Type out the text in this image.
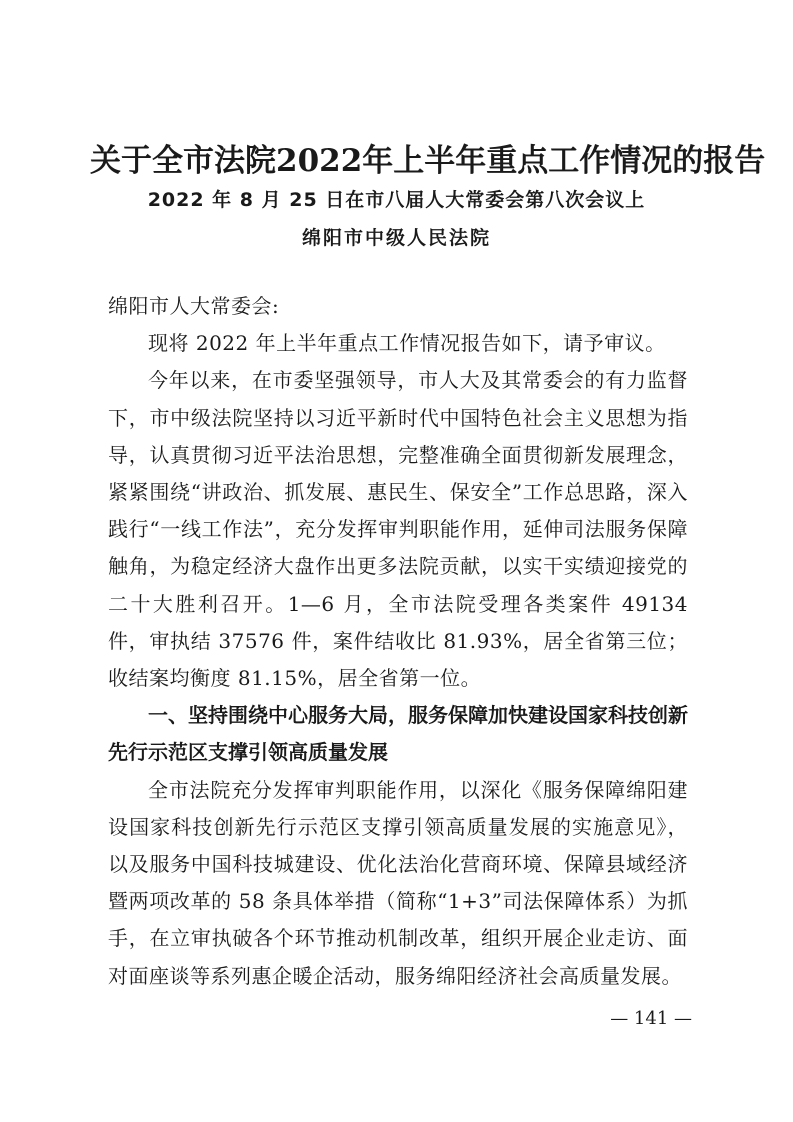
关于全市法院2022年上半年重点工作情况的报告
2022 年 8 月 25 日在市八届人大常委会第八次会议上
绵阳市中级人民法院

绵阳市人大常委会:

现将 2022 年上半年重点工作情况报告如下，请予审议。

今年以来，在市委坚强领导，市人大及其常委会的有力监督下，市中级法院坚持以习近平新时代中国特色社会主义思想为指导，认真贯彻习近平法治思想，完整准确全面贯彻新发展理念，紧紧围绕“讲政治、抓发展、惠民生、保安全”工作总思路，深入践行“一线工作法”，充分发挥审判职能作用，延伸司法服务保障触角，为稳定经济大盘作出更多法院贡献，以实干实绩迎接党的二十大胜利召开。1—6 月，全市法院受理各类案件 49134 件，审执结 37576 件，案件结收比 81.93%，居全省第三位；收结案均衡度 81.15%，居全省第一位。

一、坚持围绕中心服务大局，服务保障加快建设国家科技创新先行示范区支撑引领高质量发展

全市法院充分发挥审判职能作用，以深化《服务保障绵阳建设国家科技创新先行示范区支撑引领高质量发展的实施意见》，以及服务中国科技城建设、优化法治化营商环境、保障县域经济暨两项改革的 58 条具体举措（简称“1+3”司法保障体系）为抓手，在立审执破各个环节推动机制改革，组织开展企业走访、面对面座谈等系列惠企暖企活动，服务绵阳经济社会高质量发展。

— 141 —
